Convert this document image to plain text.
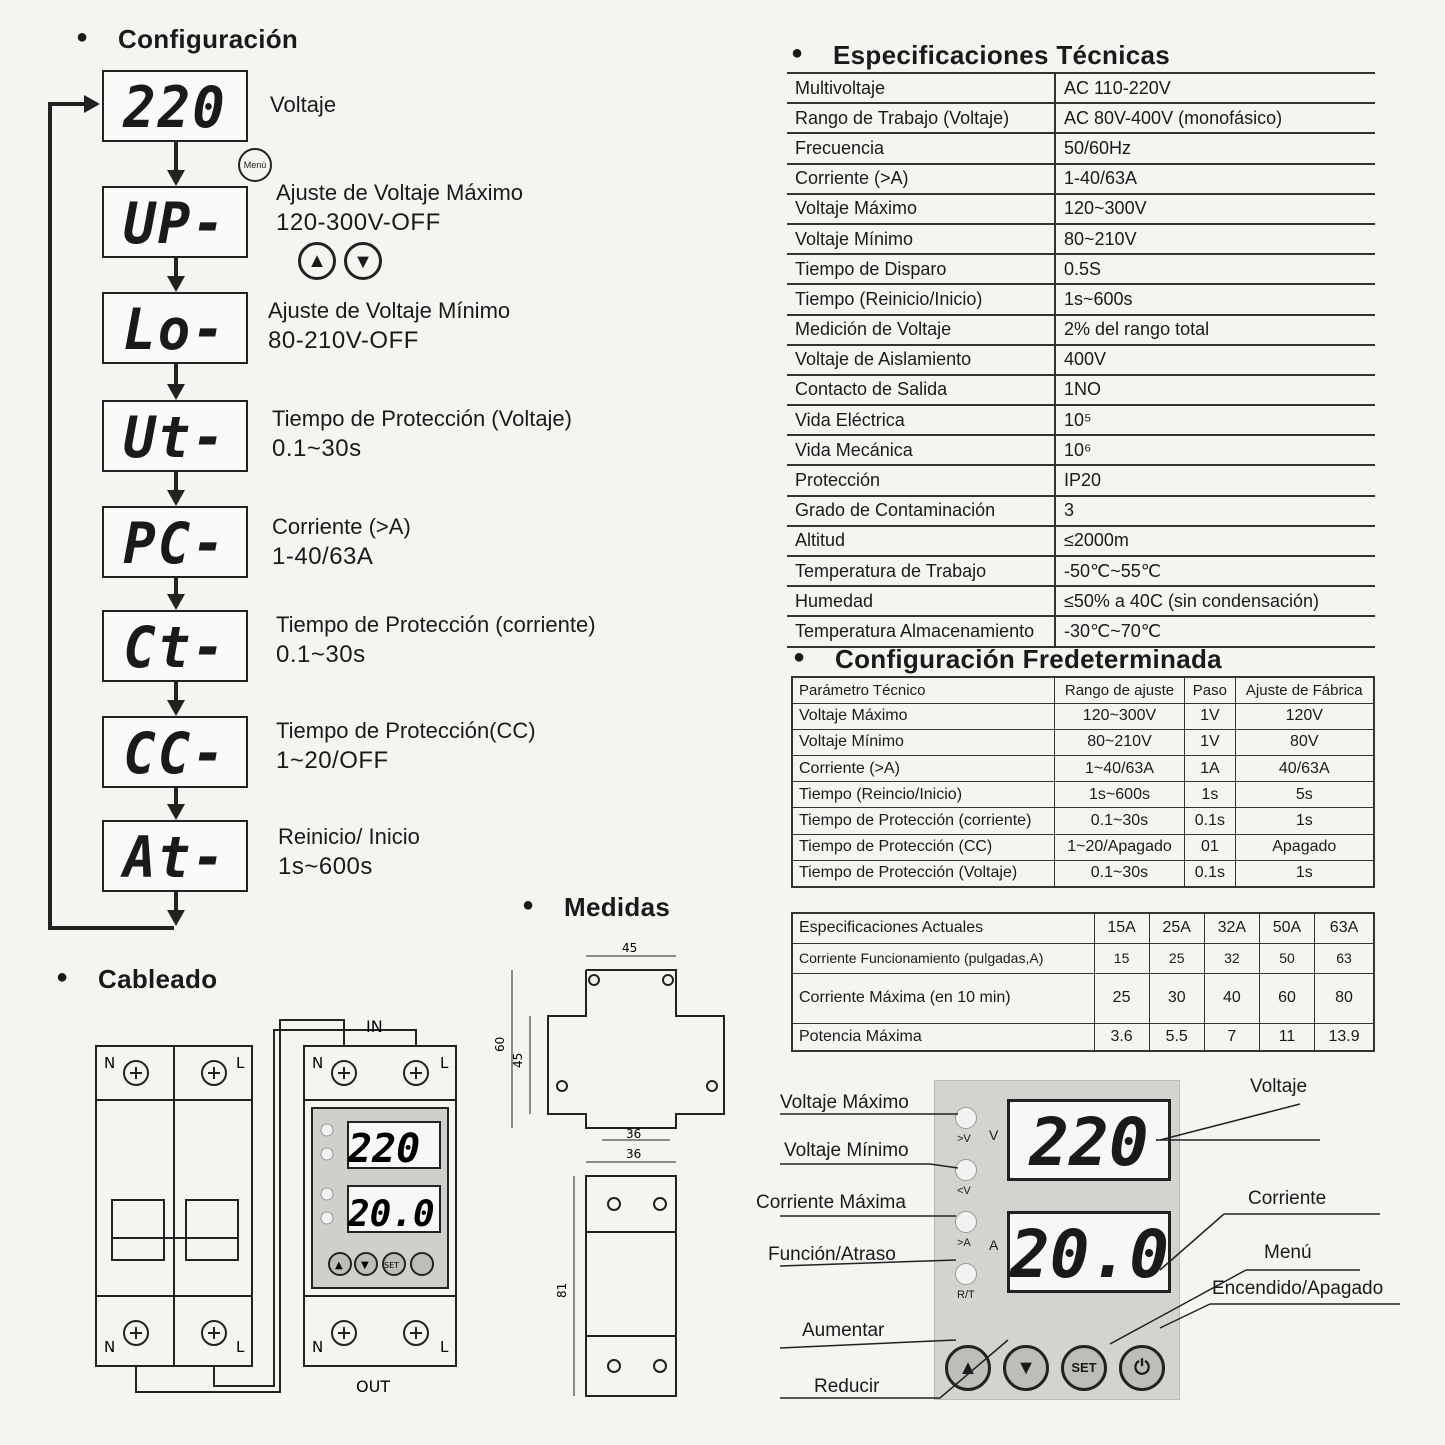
● Configuración
220	Voltaje
Menú
UP-	Ajuste de Voltaje Máximo
120-300V-OFF
▲	▼
Lo-	Ajuste de Voltaje Mínimo
80-210V-OFF
Ut-	Tiempo de Protección (Voltaje)
0.1~30s
PC-	Corriente (>A)
1-40/63A
Ct-	Tiempo de Protección (corriente)
0.1~30s
CC-	Tiempo de Protección(CC)
1~20/OFF
At-	Reinicio/ Inicio
1s~600s
● Especificaciones Técnicas
Multivoltaje	AC 110-220V
Rango de Trabajo (Voltaje)	AC 80V-400V (monofásico)
Frecuencia	50/60Hz
Corriente (>A)	1-40/63A
Voltaje Máximo	120~300V
Voltaje Mínimo	80~210V
Tiempo de Disparo	0.5S
Tiempo (Reinicio/Inicio)	1s~600s
Medición de Voltaje	2% del rango total
Voltaje de Aislamiento	400V
Contacto de Salida	1NO
Vida Eléctrica	10⁵
Vida Mecánica	10⁶
Protección	IP20
Grado de Contaminación	3
Altitud	≤2000m
Temperatura de Trabajo	-50℃~55℃
Humedad	≤50% a 40C (sin condensación)
Temperatura Almacenamiento	-30℃~70℃
● Configuración Fredeterminada
Parámetro Técnico	Rango de ajuste	Paso	Ajuste de Fábrica
Voltaje Máximo	120~300V	1V	120V
Voltaje Mínimo	80~210V	1V	80V
Corriente (>A)	1~40/63A	1A	40/63A
Tiempo (Reincio/Inicio)	1s~600s	1s	5s
Tiempo de Protección (corriente)	0.1~30s	0.1s	1s
Tiempo de Protección (CC)	1~20/Apagado	01	Apagado
Tiempo de Protección (Voltaje)	0.1~30s	0.1s	1s
Especificaciones Actuales	15A	25A	32A	50A	63A
Corriente Funcionamiento (pulgadas,A)	15	25	32	50	63
Corriente Máxima (en 10 min)	25	30	40	60	80
Potencia Máxima	3.6	5.5	7	11	13.9
● Cableado
▲ ▼ SET
220
20.0
IN
OUT
N	L
N	L
N	L
N	L
● Medidas
45
60
45
36
36
81
220
20.0
V
A
>V
<V
>A
R/T
▲	▼	SET	⏻
Voltaje Máximo
Voltaje Mínimo
Corriente Máxima
Función/Atraso
Aumentar
Reducir
Voltaje
Corriente
Menú
Encendido/Apagado
